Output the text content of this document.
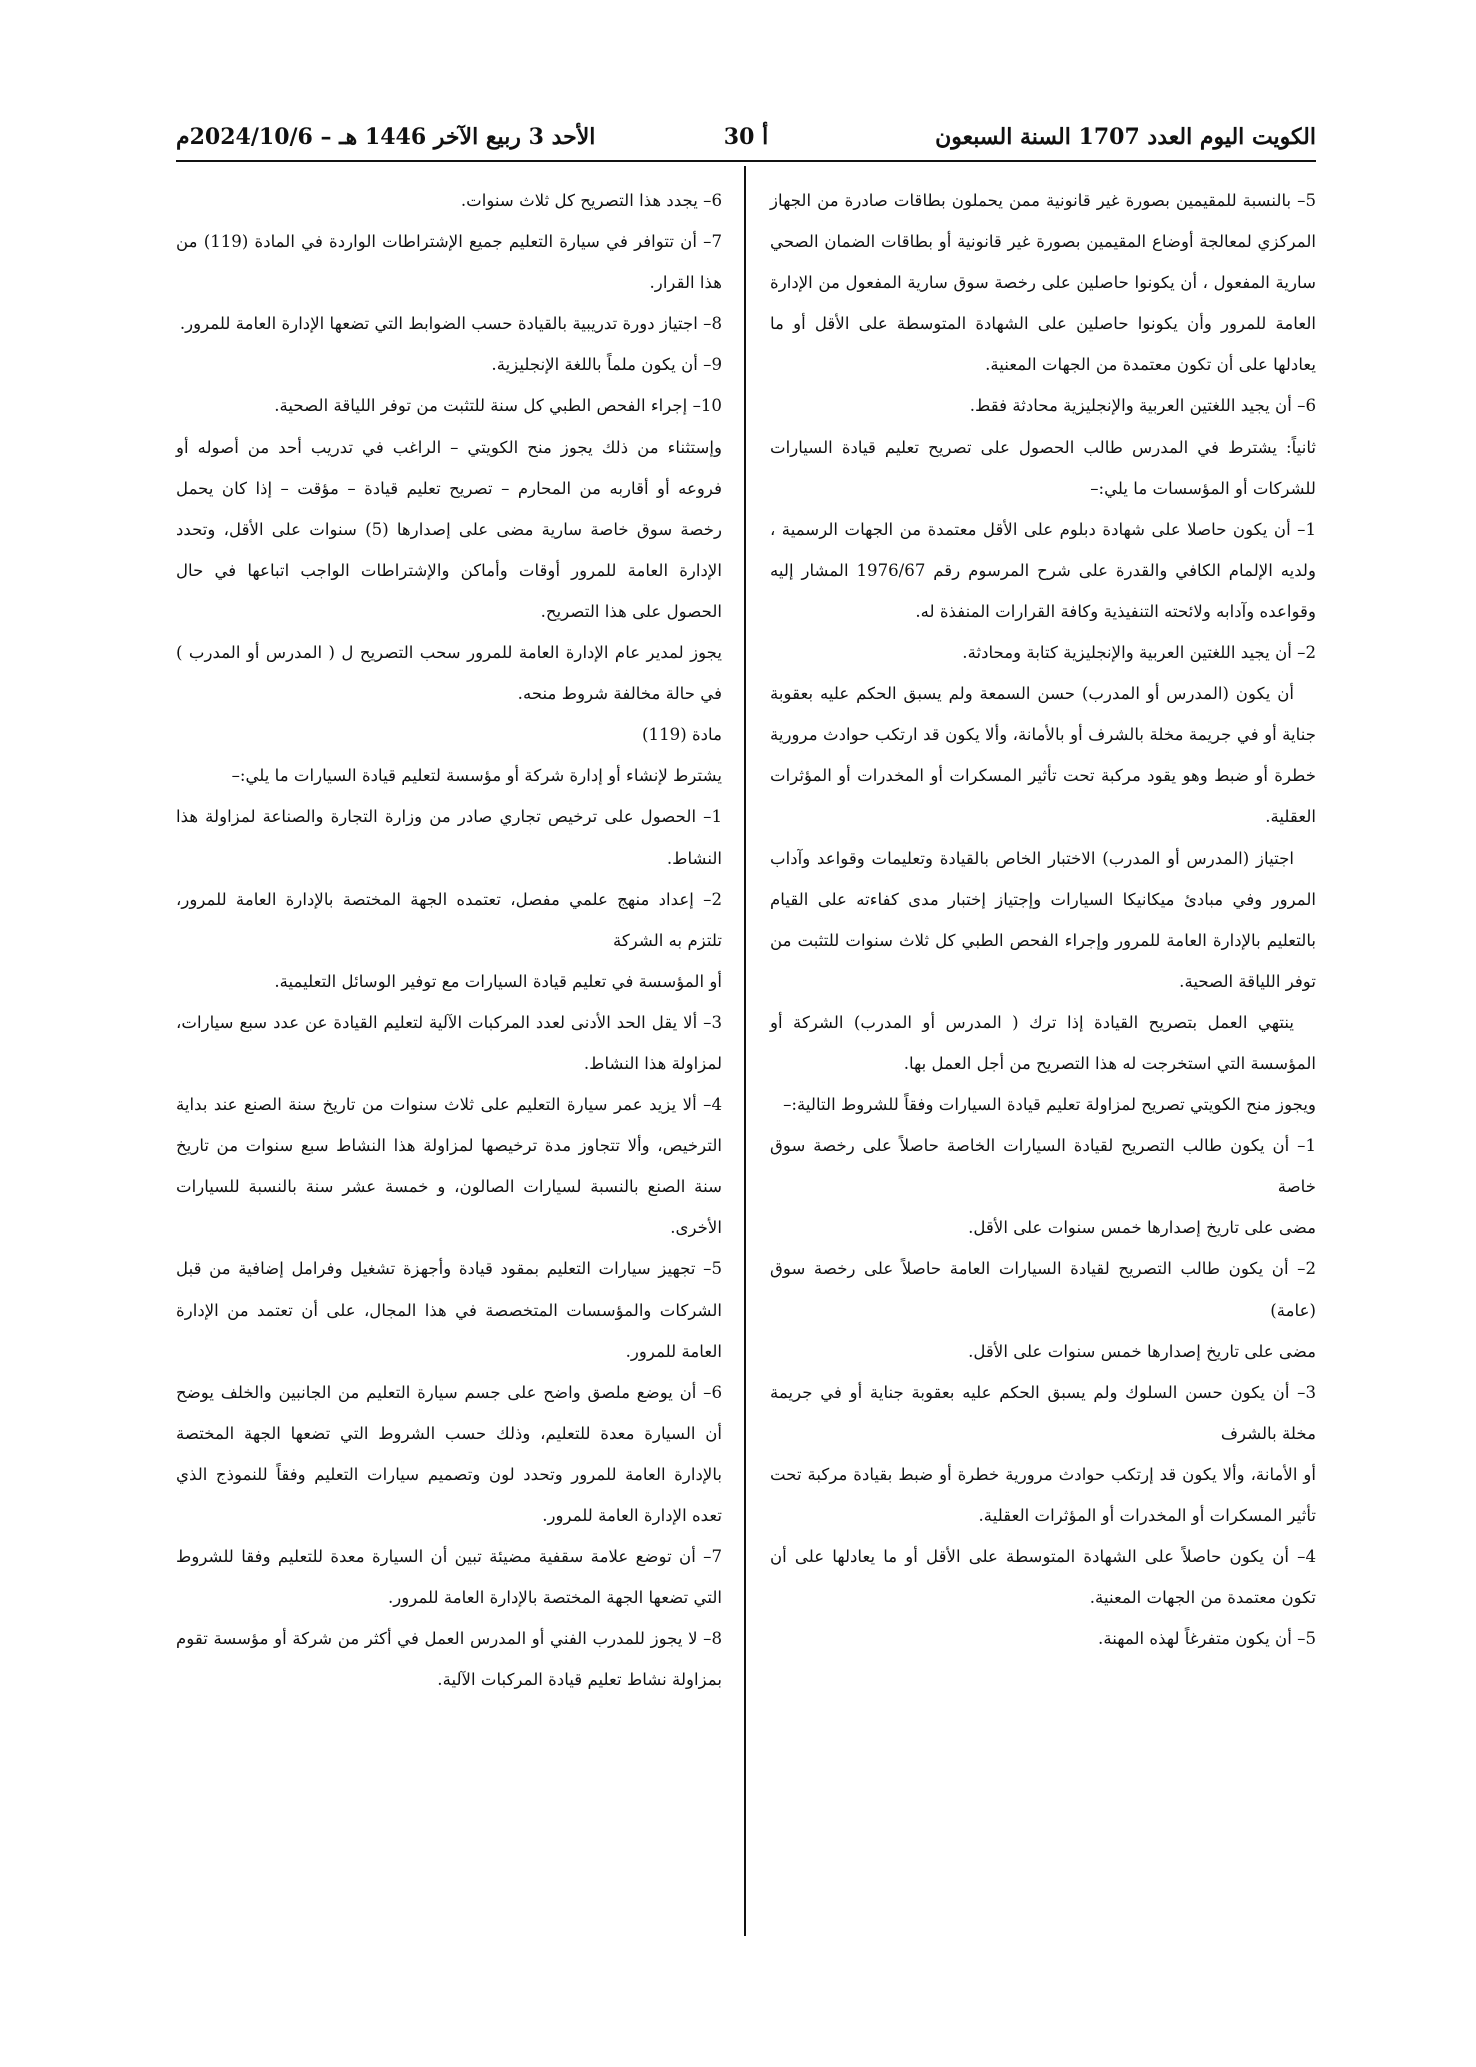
الكويت اليوم العدد 1707 السنة السبعون
أ 30
الأحد 3 ربيع الآخر 1446 هـ – 2024/10/6م

5– بالنسبة للمقيمين بصورة غير قانونية ممن يحملون بطاقات صادرة من الجهاز المركزي لمعالجة أوضاع المقيمين بصورة غير قانونية أو بطاقات الضمان الصحي سارية المفعول ، أن يكونوا حاصلين على رخصة سوق سارية المفعول من الإدارة العامة للمرور وأن يكونوا حاصلين على الشهادة المتوسطة على الأقل أو ما يعادلها على أن تكون معتمدة من الجهات المعنية.

6– أن يجيد اللغتين العربية والإنجليزية محادثة فقط.

ثانياً: يشترط في المدرس طالب الحصول على تصريح تعليم قيادة السيارات للشركات أو المؤسسات ما يلي:–

1– أن يكون حاصلا على شهادة دبلوم على الأقل معتمدة من الجهات الرسمية ، ولديه الإلمام الكافي والقدرة على شرح المرسوم رقم 1976/67 المشار إليه وقواعده وآدابه ولائحته التنفيذية وكافة القرارات المنفذة له.

2– أن يجيد اللغتين العربية والإنجليزية كتابة ومحادثة.

أن يكون (المدرس أو المدرب) حسن السمعة ولم يسبق الحكم عليه بعقوبة جناية أو في جريمة مخلة بالشرف أو بالأمانة، وألا يكون قد ارتكب حوادث مرورية خطرة أو ضبط وهو يقود مركبة تحت تأثير المسكرات أو المخدرات أو المؤثرات العقلية.

اجتياز (المدرس أو المدرب) الاختبار الخاص بالقيادة وتعليمات وقواعد وآداب المرور وفي مبادئ ميكانيكا السيارات وإجتياز إختبار مدى كفاءته على القيام بالتعليم بالإدارة العامة للمرور وإجراء الفحص الطبي كل ثلاث سنوات للتثبت من توفر اللياقة الصحية.

ينتهي العمل بتصريح القيادة إذا ترك ( المدرس أو المدرب) الشركة أو المؤسسة التي استخرجت له هذا التصريح من أجل العمل بها.

ويجوز منح الكويتي تصريح لمزاولة تعليم قيادة السيارات وفقاً للشروط التالية:–

1– أن يكون طالب التصريح لقيادة السيارات الخاصة حاصلاً على رخصة سوق خاصة

مضى على تاريخ إصدارها خمس سنوات على الأقل.

2– أن يكون طالب التصريح لقيادة السيارات العامة حاصلاً على رخصة سوق (عامة)

مضى على تاريخ إصدارها خمس سنوات على الأقل.

3– أن يكون حسن السلوك ولم يسبق الحكم عليه بعقوبة جناية أو في جريمة مخلة بالشرف

أو الأمانة، وألا يكون قد إرتكب حوادث مرورية خطرة أو ضبط بقيادة مركبة تحت تأثير المسكرات أو المخدرات أو المؤثرات العقلية.

4– أن يكون حاصلاً على الشهادة المتوسطة على الأقل أو ما يعادلها على أن تكون معتمدة من الجهات المعنية.

5– أن يكون متفرغاً لهذه المهنة.

6– يجدد هذا التصريح كل ثلاث سنوات.

7– أن تتوافر في سيارة التعليم جميع الإشتراطات الواردة في المادة (119) من هذا القرار.

8– اجتياز دورة تدريبية بالقيادة حسب الضوابط التي تضعها الإدارة العامة للمرور.

9– أن يكون ملماً باللغة الإنجليزية.

10– إجراء الفحص الطبي كل سنة للتثبت من توفر اللياقة الصحية.

وإستثناء من ذلك يجوز منح الكويتي – الراغب في تدريب أحد من أصوله أو فروعه أو أقاربه من المحارم – تصريح تعليم قيادة – مؤقت – إذا كان يحمل رخصة سوق خاصة سارية مضى على إصدارها (5) سنوات على الأقل، وتحدد الإدارة العامة للمرور أوقات وأماكن والإشتراطات الواجب اتباعها في حال الحصول على هذا التصريح.

يجوز لمدير عام الإدارة العامة للمرور سحب التصريح ل ( المدرس أو المدرب ) في حالة مخالفة شروط منحه.

مادة (119)

يشترط لإنشاء أو إدارة شركة أو مؤسسة لتعليم قيادة السيارات ما يلي:–

1– الحصول على ترخيص تجاري صادر من وزارة التجارة والصناعة لمزاولة هذا النشاط.

2– إعداد منهج علمي مفصل، تعتمده الجهة المختصة بالإدارة العامة للمرور، تلتزم به الشركة

أو المؤسسة في تعليم قيادة السيارات مع توفير الوسائل التعليمية.

3– ألا يقل الحد الأدنى لعدد المركبات الآلية لتعليم القيادة عن عدد سبع سيارات، لمزاولة هذا النشاط.

4– ألا يزيد عمر سيارة التعليم على ثلاث سنوات من تاريخ سنة الصنع عند بداية الترخيص، وألا تتجاوز مدة ترخيصها لمزاولة هذا النشاط سبع سنوات من تاريخ سنة الصنع بالنسبة لسيارات الصالون، و خمسة عشر سنة بالنسبة للسيارات الأخرى.

5– تجهيز سيارات التعليم بمقود قيادة وأجهزة تشغيل وفرامل إضافية من قبل الشركات والمؤسسات المتخصصة في هذا المجال، على أن تعتمد من الإدارة العامة للمرور.

6– أن يوضع ملصق واضح على جسم سيارة التعليم من الجانبين والخلف يوضح أن السيارة معدة للتعليم، وذلك حسب الشروط التي تضعها الجهة المختصة بالإدارة العامة للمرور وتحدد لون وتصميم سيارات التعليم وفقاً للنموذج الذي تعده الإدارة العامة للمرور.

7– أن توضع علامة سقفية مضيئة تبين أن السيارة معدة للتعليم وفقا للشروط التي تضعها الجهة المختصة بالإدارة العامة للمرور.

8– لا يجوز للمدرب الفني أو المدرس العمل في أكثر من شركة أو مؤسسة تقوم بمزاولة نشاط تعليم قيادة المركبات الآلية.
